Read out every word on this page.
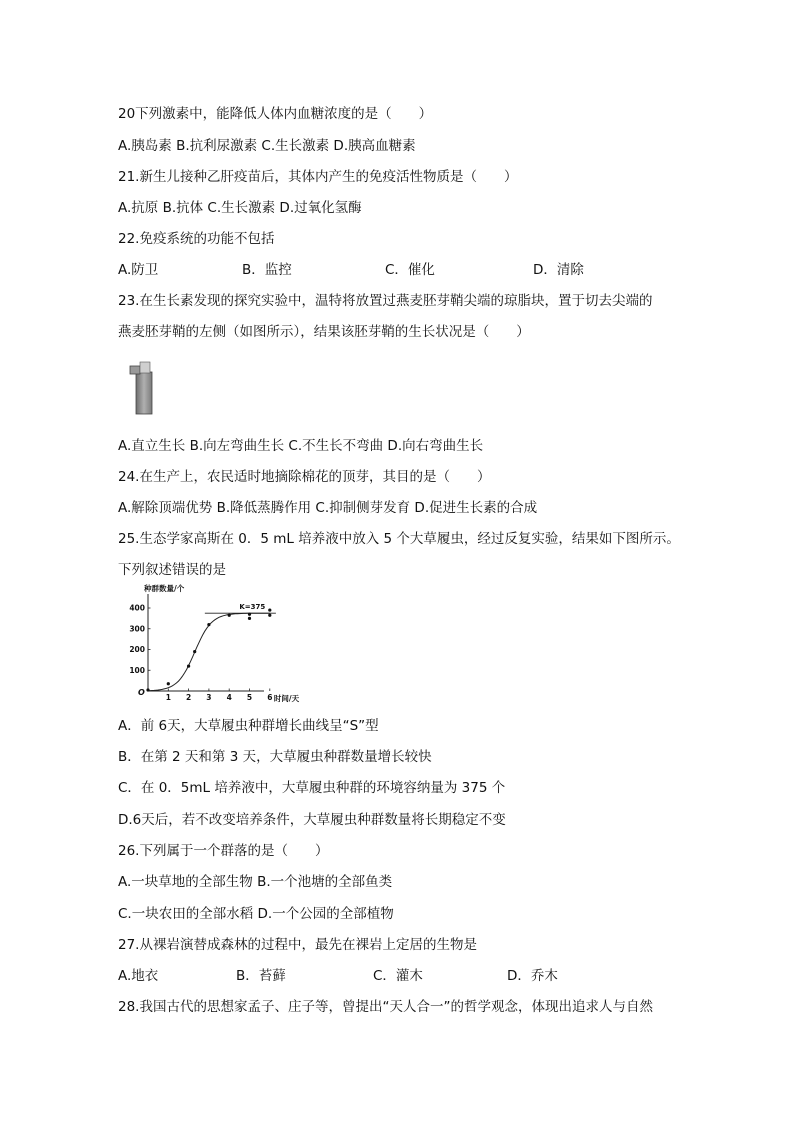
20下列激素中，能降低人体内血糖浓度的是（　　）
A.胰岛素 B.抗利尿激素 C.生长激素 D.胰高血糖素
21.新生儿接种乙肝疫苗后，其体内产生的免疫活性物质是（　　）
A.抗原 B.抗体 C.生长激素 D.过氧化氢酶
22.免疫系统的功能不包括
A.防卫	B．监控	C．催化	D．清除
23.在生长素发现的探究实验中，温特将放置过燕麦胚芽鞘尖端的琼脂块，置于切去尖端的
燕麦胚芽鞘的左侧（如图所示），结果该胚芽鞘的生长状况是（　　）
A.直立生长 B.向左弯曲生长 C.不生长不弯曲 D.向右弯曲生长
24.在生产上，农民适时地摘除棉花的顶芽，其目的是（　　）
A.解除顶端优势 B.降低蒸腾作用 C.抑制侧芽发育 D.促进生长素的合成
25.生态学家高斯在 0．5 mL 培养液中放入 5 个大草履虫，经过反复实验，结果如下图所示。
下列叙述错误的是
1 2 3 4 5 6
100
200
300
400	K=375
种群数量/个
时间/天
O
A．前 6天，大草履虫种群增长曲线呈“S”型
B．在第 2 天和第 3 天，大草履虫种群数量增长较快
C．在 0．5mL 培养液中，大草履虫种群的环境容纳量为 375 个
D.6天后，若不改变培养条件，大草履虫种群数量将长期稳定不变
26.下列属于一个群落的是（　　）
A.一块草地的全部生物 B.一个池塘的全部鱼类
C.一块农田的全部水稻 D.一个公园的全部植物
27.从裸岩演替成森林的过程中，最先在裸岩上定居的生物是
A.地衣	B．苔藓	C．灌木	D．乔木
28.我国古代的思想家孟子、庄子等，曾提出“天人合一”的哲学观念，体现出追求人与自然
